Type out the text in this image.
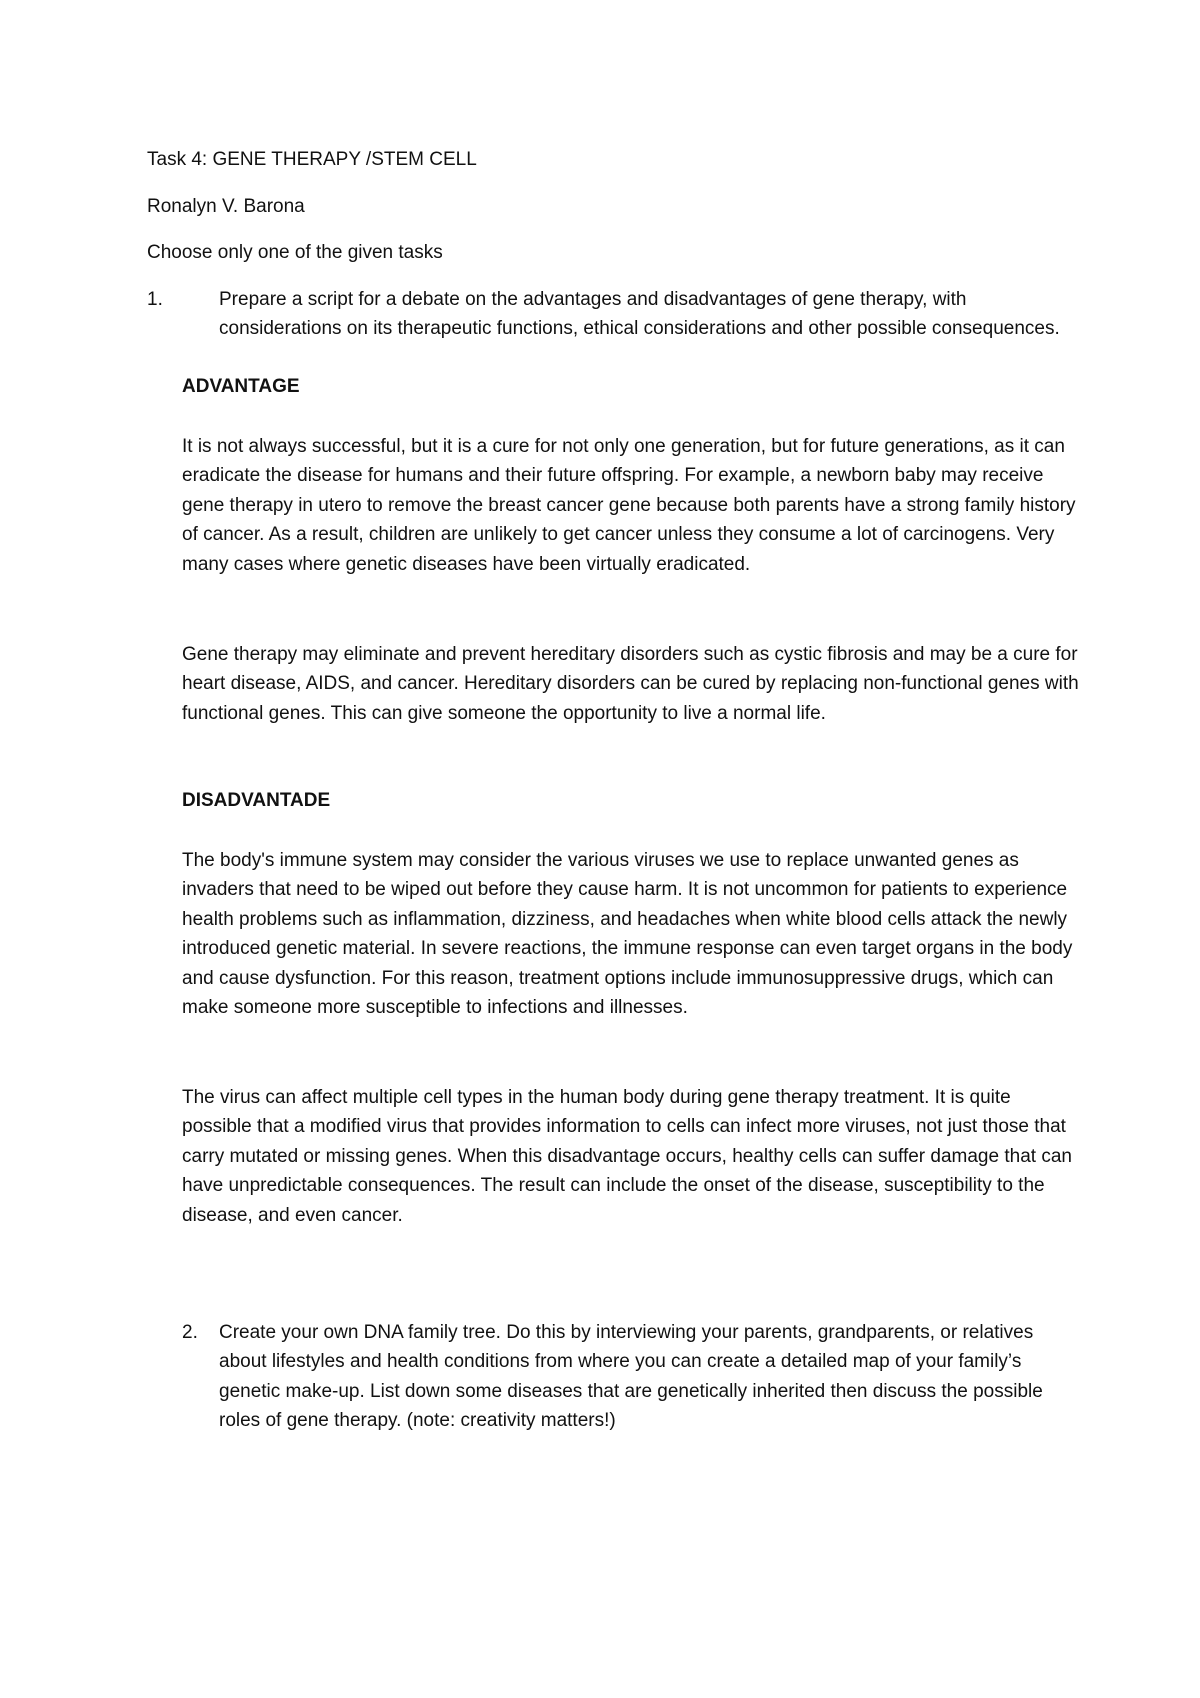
Task 4: GENE THERAPY /STEM CELL

Ronalyn V. Barona

Choose only one of the given tasks

1.	Prepare a script for a debate on the advantages and disadvantages of gene therapy, with considerations on its therapeutic functions, ethical considerations and other possible consequences.

ADVANTAGE

It is not always successful, but it is a cure for not only one generation, but for future generations, as it can eradicate the disease for humans and their future offspring. For example, a newborn baby may receive gene therapy in utero to remove the breast cancer gene because both parents have a strong family history of cancer. As a result, children are unlikely to get cancer unless they consume a lot of carcinogens. Very many cases where genetic diseases have been virtually eradicated.

Gene therapy may eliminate and prevent hereditary disorders such as cystic fibrosis and may be a cure for heart disease, AIDS, and cancer. Hereditary disorders can be cured by replacing non-functional genes with functional genes. This can give someone the opportunity to live a normal life.

DISADVANTADE

The body's immune system may consider the various viruses we use to replace unwanted genes as invaders that need to be wiped out before they cause harm. It is not uncommon for patients to experience health problems such as inflammation, dizziness, and headaches when white blood cells attack the newly introduced genetic material. In severe reactions, the immune response can even target organs in the body and cause dysfunction. For this reason, treatment options include immunosuppressive drugs, which can make someone more susceptible to infections and illnesses.

The virus can affect multiple cell types in the human body during gene therapy treatment. It is quite possible that a modified virus that provides information to cells can infect more viruses, not just those that carry mutated or missing genes. When this disadvantage occurs, healthy cells can suffer damage that can have unpredictable consequences. The result can include the onset of the disease, susceptibility to the disease, and even cancer.

2. Create your own DNA family tree. Do this by interviewing your parents, grandparents, or relatives about lifestyles and health conditions from where you can create a detailed map of your family’s genetic make-up. List down some diseases that are genetically inherited then discuss the possible roles of gene therapy. (note: creativity matters!)
